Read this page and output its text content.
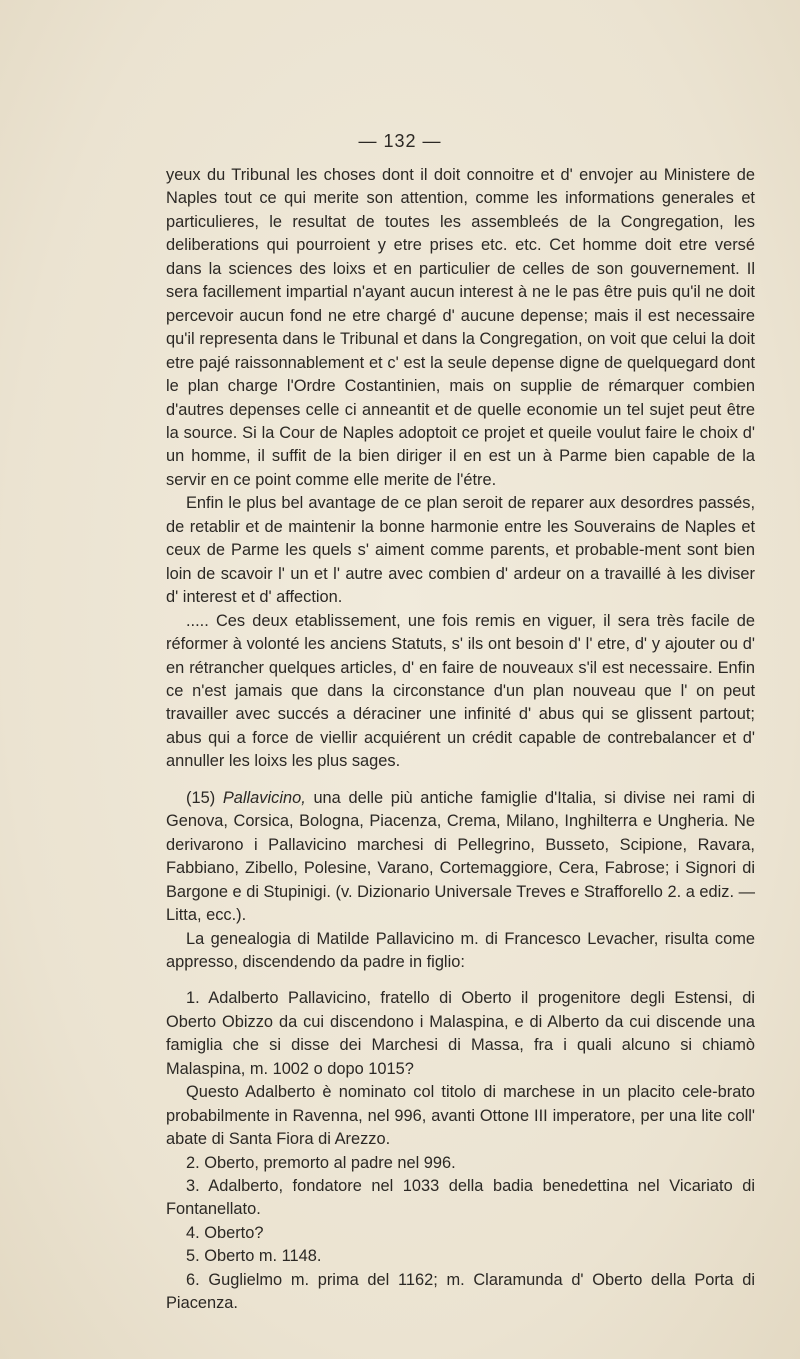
— 132 —

yeux du Tribunal les choses dont il doit connoitre et d' envojer au Ministere de Naples tout ce qui merite son attention, comme les informations generales et particulieres, le resultat de toutes les assembleés de la Congregation, les deliberations qui pourroient y etre prises etc. etc. Cet homme doit etre versé dans la sciences des loixs et en particulier de celles de son gouvernement. Il sera facillement impartial n'ayant aucun interest à ne le pas être puis qu'il ne doit percevoir aucun fond ne etre chargé d' aucune depense; mais il est necessaire qu'il representa dans le Tribunal et dans la Congregation, on voit que celui la doit etre pajé raissonnablement et c' est la seule depense digne de quelquegard dont le plan charge l'Ordre Costantinien, mais on supplie de rémarquer combien d'autres depenses celle ci anneantit et de quelle economie un tel sujet peut être la source. Si la Cour de Naples adoptoit ce projet et queile voulut faire le choix d' un homme, il suffit de la bien diriger il en est un à Parme bien capable de la servir en ce point comme elle merite de l'étre.

Enfin le plus bel avantage de ce plan seroit de reparer aux desordres passés, de retablir et de maintenir la bonne harmonie entre les Souverains de Naples et ceux de Parme les quels s' aiment comme parents, et probable-ment sont bien loin de scavoir l' un et l' autre avec combien d' ardeur on a travaillé à les diviser d' interest et d' affection.

..... Ces deux etablissement, une fois remis en viguer, il sera très facile de réformer à volonté les anciens Statuts, s' ils ont besoin d' l' etre, d' y ajouter ou d' en rétrancher quelques articles, d' en faire de nouveaux s'il est necessaire. Enfin ce n'est jamais que dans la circonstance d'un plan nouveau que l' on peut travailler avec succés a déraciner une infinité d' abus qui se glissent partout; abus qui a force de viellir acquiérent un crédit capable de contrebalancer et d' annuller les loixs les plus sages.

(15) Pallavicino, una delle più antiche famiglie d'Italia, si divise nei rami di Genova, Corsica, Bologna, Piacenza, Crema, Milano, Inghilterra e Ungheria. Ne derivarono i Pallavicino marchesi di Pellegrino, Busseto, Scipione, Ravara, Fabbiano, Zibello, Polesine, Varano, Cortemaggiore, Cera, Fabrose; i Signori di Bargone e di Stupinigi. (v. Dizionario Universale Treves e Strafforello 2. a ediz. — Litta, ecc.).

La genealogia di Matilde Pallavicino m. di Francesco Levacher, risulta come appresso, discendendo da padre in figlio:

1. Adalberto Pallavicino, fratello di Oberto il progenitore degli Estensi, di Oberto Obizzo da cui discendono i Malaspina, e di Alberto da cui discende una famiglia che si disse dei Marchesi di Massa, fra i quali alcuno si chiamò Malaspina, m. 1002 o dopo 1015?

Questo Adalberto è nominato col titolo di marchese in un placito cele-brato probabilmente in Ravenna, nel 996, avanti Ottone III imperatore, per una lite coll' abate di Santa Fiora di Arezzo.

2. Oberto, premorto al padre nel 996.

3. Adalberto, fondatore nel 1033 della badia benedettina nel Vicariato di Fontanellato.

4. Oberto?

5. Oberto m. 1148.

6. Guglielmo m. prima del 1162; m. Claramunda d' Oberto della Porta di Piacenza.
